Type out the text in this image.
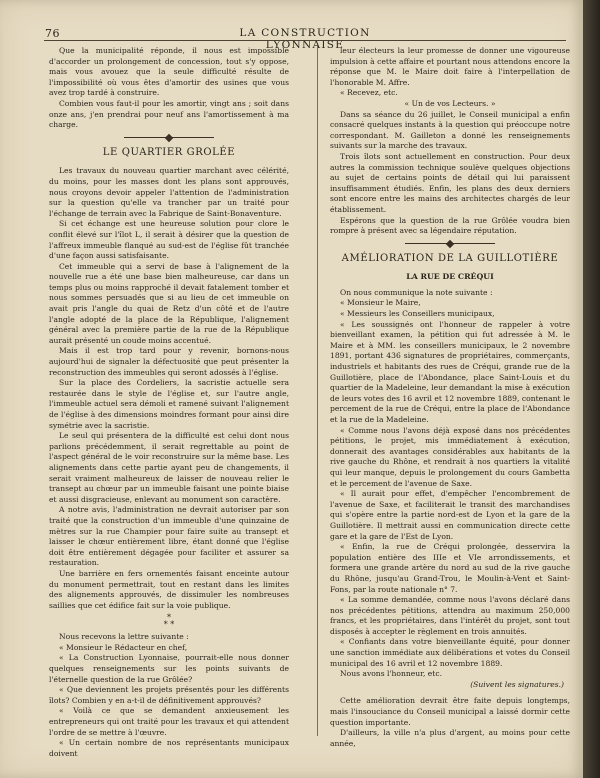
76	LA CONSTRUCTION LYONNAISE

Que la municipalité réponde, il nous est impossible d'accorder un prolongement de concession, tout s'y oppose, mais vous avouez que la seule difficulté résulte de l'impossibilité où vous êtes d'amortir des usines que vous avez trop tardé à construire.

Combien vous faut-il pour les amortir, vingt ans ; soit dans onze ans, j'en prendrai pour neuf ans l'amortissement à ma charge.

LE QUARTIER GROLÉE

Les travaux du nouveau quartier marchant avec célérité, du moins, pour les masses dont les plans sont approuvés, nous croyons devoir appeler l'attention de l'administration sur la question qu'elle va trancher par un traité pour l'échange de terrain avec la Fabrique de Saint-Bonaventure.

Si cet échange est une heureuse solution pour clore le conflit élevé sur l'îlot L, il serait à désirer que la question de l'affreux immeuble flanqué au sud-est de l'église fût tranchée d'une façon aussi satisfaisante.

Cet immeuble qui a servi de base à l'alignement de la nouvelle rue a été une base bien malheureuse, car dans un temps plus ou moins rapproché il devait fatalement tomber et nous sommes persuadés que si au lieu de cet immeuble on avait pris l'angle du quai de Retz d'un côté et de l'autre l'angle adopté de la place de la République, l'alignement général avec la première partie de la rue de la République aurait présenté un coude moins accentué.

Mais il est trop tard pour y revenir, bornons-nous aujourd'hui de signaler la défectuosité que peut présenter la reconstruction des immeubles qui seront adossés à l'église.

Sur la place des Cordeliers, la sacristie actuelle sera restaurée dans le style de l'église et, sur l'autre angle, l'immeuble actuel sera démoli et ramené suivant l'alignement de l'église à des dimensions moindres formant pour ainsi dire symétrie avec la sacristie.

Le seul qui présentera de la difficulté est celui dont nous parlions précédemment, il serait regrettable au point de l'aspect général de le voir reconstruire sur la même base. Les alignements dans cette partie ayant peu de changements, il serait vraiment malheureux de laisser de nouveau relier le transept au chœur par un immeuble faisant une pointe biaise et aussi disgracieuse, enlevant au monument son caractère.

A notre avis, l'administration ne devrait autoriser par son traité que la construction d'un immeuble d'une quinzaine de mètres sur la rue Champier pour faire suite au transept et laisser le chœur entièrement libre, étant donné que l'église doit être entièrement dégagée pour faciliter et assurer sa restauration.

Une barrière en fers ornementés faisant enceinte autour du monument permettrait, tout en restant dans les limites des alignements approuvés, de dissimuler les nombreuses saillies que cet édifice fait sur la voie publique.

*
* *

Nous recevons la lettre suivante :

« Monsieur le Rédacteur en chef,

« La Construction Lyonnaise, pourrait-elle nous donner quelques renseignements sur les points suivants de l'éternelle question de la rue Grôlée?

« Que deviennent les projets présentés pour les différents îlots? Combien y en a-t-il de définitivement approuvés?

« Voilà ce que se demandent anxieusement les entrepreneurs qui ont traité pour les travaux et qui attendent l'ordre de se mettre à l'œuvre.

« Un certain nombre de nos représentants municipaux doivent

leur électeurs la leur promesse de donner une vigoureuse impulsion à cette affaire et pourtant nous attendons encore la réponse que M. le Maire doit faire à l'interpellation de l'honorable M. Affre.

« Recevez, etc.

« Un de vos Lecteurs. »

Dans sa séance du 26 juillet, le Conseil municipal a enfin consacré quelques instants à la question qui préoccupe notre correspondant. M. Gailleton a donné les renseignements suivants sur la marche des travaux.

Trois îlots sont actuellement en construction. Pour deux autres la commission technique soulève quelques objections au sujet de certains points de détail qui lui paraissent insuffisamment étudiés. Enfin, les plans des deux derniers sont encore entre les mains des architectes chargés de leur établissement.

Espérons que la question de la rue Grôlée voudra bien rompre à présent avec sa légendaire réputation.

AMÉLIORATION DE LA GUILLOTIÈRE
LA RUE DE CRÉQUI

On nous communique la note suivante :

« Monsieur le Maire,

« Messieurs les Conseillers municipaux,

« Les soussignés ont l'honneur de rappeler à votre bienveillant examen, la pétition qui fut adressée à M. le Maire et à MM. les conseillers municipaux, le 2 novembre 1891, portant 436 signatures de propriétaires, commerçants, industriels et habitants des rues de Créqui, grande rue de la Guillotière, place de l'Abondance, place Saint-Louis et du quartier de la Madeleine, leur demandant la mise à exécution de leurs votes des 16 avril et 12 novembre 1889, contenant le percement de la rue de Créqui, entre la place de l'Abondance et la rue de la Madeleine.

« Comme nous l'avons déjà exposé dans nos précédentes pétitions, le projet, mis immédiatement à exécution, donnerait des avantages considérables aux habitants de la rive gauche du Rhône, et rendrait à nos quartiers la vitalité qui leur manque, depuis le prolongement du cours Gambetta et le percement de l'avenue de Saxe.

« Il aurait pour effet, d'empêcher l'encombrement de l'avenue de Saxe, et faciliterait le transit des marchandises qui s'opère entre la partie nord-est de Lyon et la gare de la Guillotière. Il mettrait aussi en communication directe cette gare et la gare de l'Est de Lyon.

« Enfin, la rue de Créqui prolongée, desservira la population entière des IIIe et VIe arrondissements, et formera une grande artère du nord au sud de la rive gauche du Rhône, jusqu'au Grand-Trou, le Moulin-à-Vent et Saint-Fons, par la route nationale n° 7.

« La somme demandée, comme nous l'avons déclaré dans nos précédentes pétitions, attendra au maximum 250,000 francs, et les propriétaires, dans l'intérêt du projet, sont tout disposés à accepter le règlement en trois annuités.

« Confiants dans votre bienveillante équité, pour donner une sanction immédiate aux délibérations et votes du Conseil municipal des 16 avril et 12 novembre 1889.

Nous avons l'honneur, etc.

(Suivent les signatures.)

Cette amélioration devrait être faite depuis longtemps, mais l'insouciance du Conseil municipal a laissé dormir cette question importante.

D'ailleurs, la ville n'a plus d'argent, au moins pour cette année,
